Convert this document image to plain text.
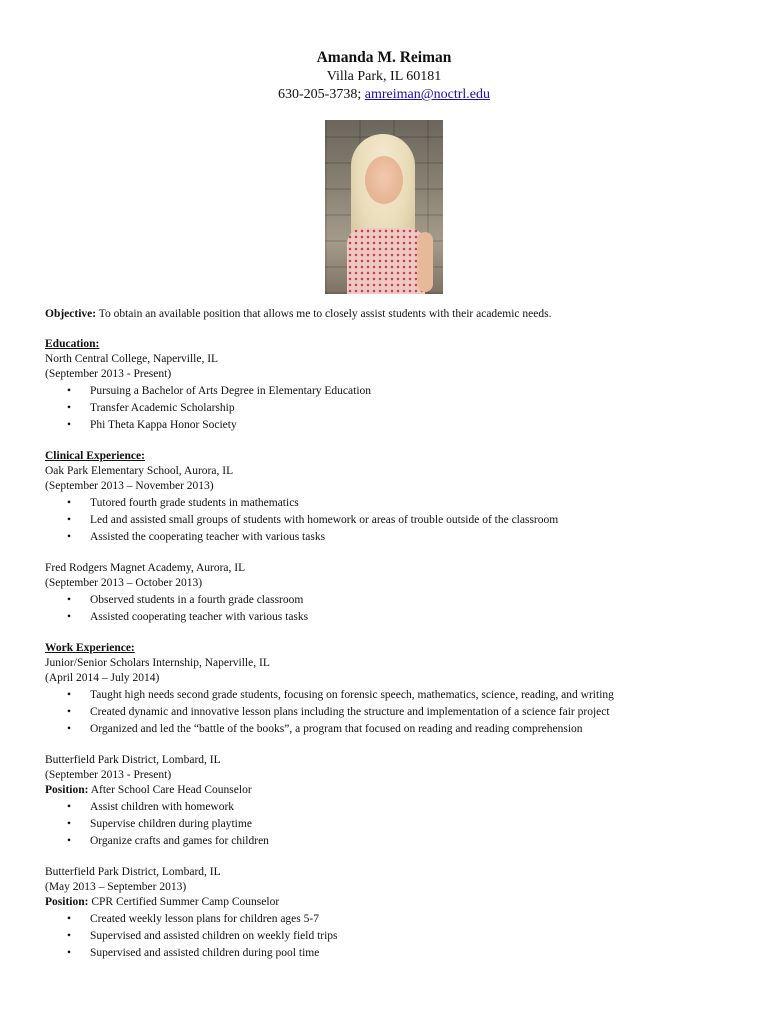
Amanda M. Reiman
Villa Park, IL 60181
630-205-3738; amreiman@noctrl.edu

Objective: To obtain an available position that allows me to closely assist students with their academic needs.

Education:
North Central College, Naperville, IL
(September 2013 - Present)
• Pursuing a Bachelor of Arts Degree in Elementary Education
• Transfer Academic Scholarship
• Phi Theta Kappa Honor Society
Clinical Experience:
Oak Park Elementary School, Aurora, IL
(September 2013 – November 2013)
• Tutored fourth grade students in mathematics
• Led and assisted small groups of students with homework or areas of trouble outside of the classroom
• Assisted the cooperating teacher with various tasks
Fred Rodgers Magnet Academy, Aurora, IL
(September 2013 – October 2013)
• Observed students in a fourth grade classroom
• Assisted cooperating teacher with various tasks
Work Experience:
Junior/Senior Scholars Internship, Naperville, IL
(April 2014 – July 2014)
• Taught high needs second grade students, focusing on forensic speech, mathematics, science, reading, and writing
• Created dynamic and innovative lesson plans including the structure and implementation of a science fair project
• Organized and led the “battle of the books”, a program that focused on reading and reading comprehension
Butterfield Park District, Lombard, IL
(September 2013 - Present)
Position: After School Care Head Counselor
• Assist children with homework
• Supervise children during playtime
• Organize crafts and games for children
Butterfield Park District, Lombard, IL
(May 2013 – September 2013)
Position: CPR Certified Summer Camp Counselor
• Created weekly lesson plans for children ages 5-7
• Supervised and assisted children on weekly field trips
• Supervised and assisted children during pool time
